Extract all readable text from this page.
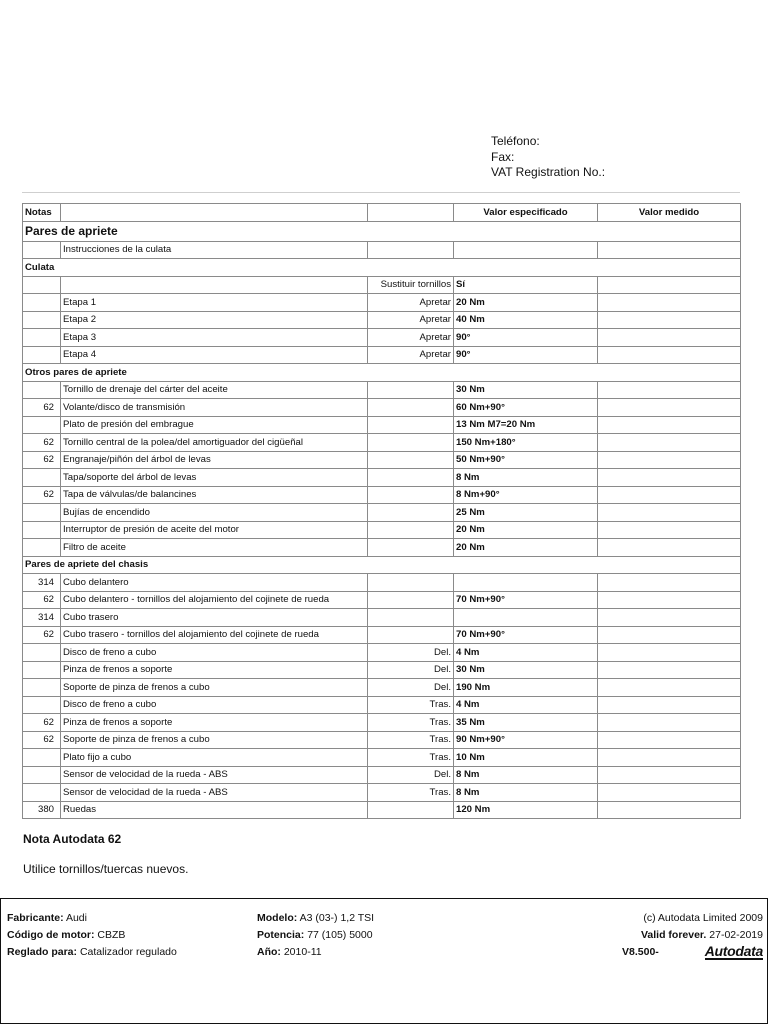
Teléfono:
Fax:
VAT Registration No.:
Notas			Valor especificado	Valor medido
Pares de apriete				
	Instrucciones de la culata			
Culata				
		Sustituir tornillos	Sí	
	Etapa 1	Apretar	20 Nm	
	Etapa 2	Apretar	40 Nm	
	Etapa 3	Apretar	90°	
	Etapa 4	Apretar	90°	
Otros pares de apriete				
	Tornillo de drenaje del cárter del aceite		30 Nm	
62	Volante/disco de transmisión		60 Nm+90°	
	Plato de presión del embrague		13 Nm M7=20 Nm	
62	Tornillo central de la polea/del amortiguador del cigüeñal		150 Nm+180°	
62	Engranaje/piñón del árbol de levas		50 Nm+90°	
	Tapa/soporte del árbol de levas		8 Nm	
62	Tapa de válvulas/de balancines		8 Nm+90°	
	Bujías de encendido		25 Nm	
	Interruptor de presión de aceite del motor		20 Nm	
	Filtro de aceite		20 Nm	
Pares de apriete del chasis				
314	Cubo delantero			
62	Cubo delantero - tornillos del alojamiento del cojinete de rueda		70 Nm+90°	
314	Cubo trasero			
62	Cubo trasero - tornillos del alojamiento del cojinete de rueda		70 Nm+90°	
	Disco de freno a cubo	Del.	4 Nm	
	Pinza de frenos a soporte	Del.	30 Nm	
	Soporte de pinza de frenos a cubo	Del.	190 Nm	
	Disco de freno a cubo	Tras.	4 Nm	
62	Pinza de frenos a soporte	Tras.	35 Nm	
62	Soporte de pinza de frenos a cubo	Tras.	90 Nm+90°	
	Plato fijo a cubo	Tras.	10 Nm	
	Sensor de velocidad de la rueda - ABS	Del.	8 Nm	
	Sensor de velocidad de la rueda - ABS	Tras.	8 Nm	
380	Ruedas		120 Nm	
Nota Autodata 62
Utilice tornillos/tuercas nuevos.
Fabricante: Audi
Código de motor: CBZB
Reglado para: Catalizador regulado
Modelo: A3 (03-) 1,2 TSI
Potencia: 77 (105) 5000
Año: 2010-11
(c) Autodata Limited 2009
Valid forever. 27-02-2019
V8.500-	Autodata
